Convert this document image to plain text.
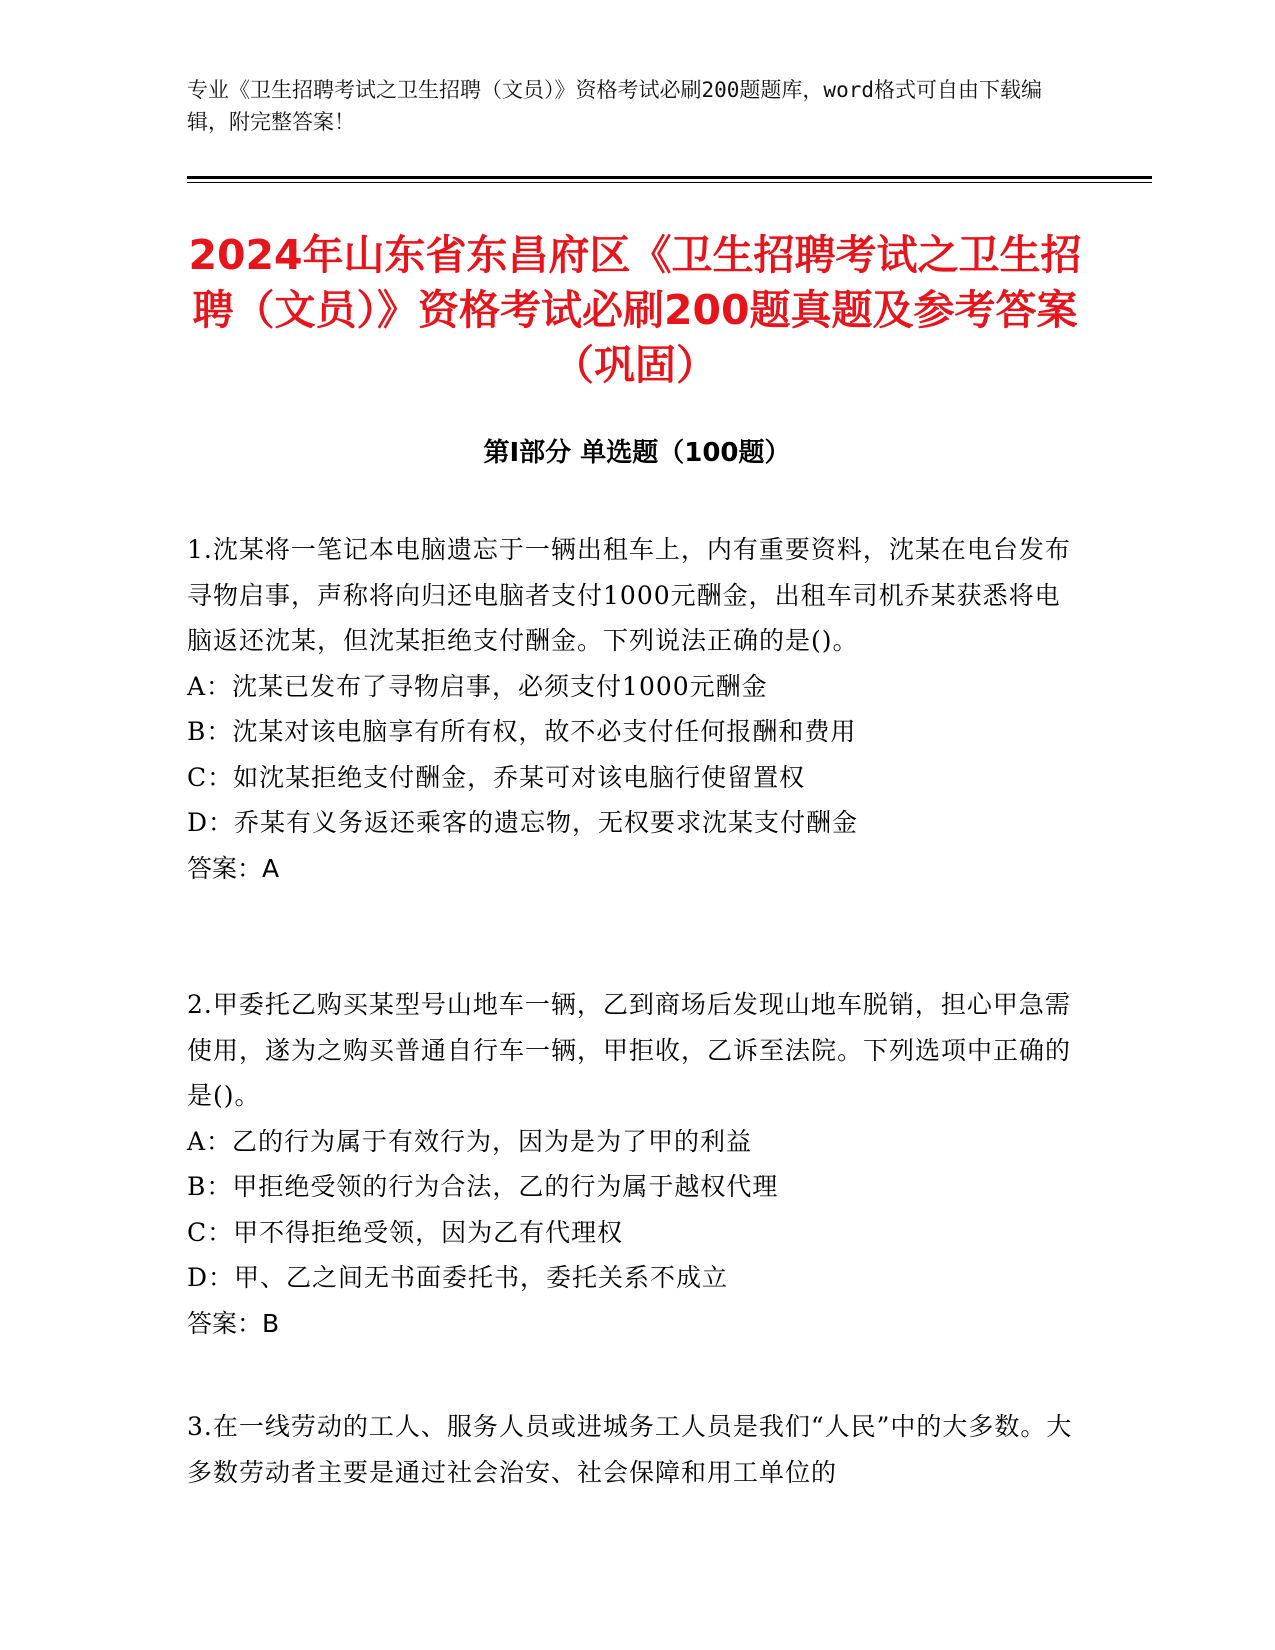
专业《卫生招聘考试之卫生招聘（文员）》资格考试必刷200题题库，word格式可自由下载编辑，附完整答案！
2024年山东省东昌府区《卫生招聘考试之卫生招聘（文员）》资格考试必刷200题真题及参考答案（巩固）
第Ⅰ部分 单选题（100题）

1.沈某将一笔记本电脑遗忘于一辆出租车上，内有重要资料，沈某在电台发布寻物启事，声称将向归还电脑者支付1000元酬金，出租车司机乔某获悉将电脑返还沈某，但沈某拒绝支付酬金。下列说法正确的是()。

A：沈某已发布了寻物启事，必须支付1000元酬金

B：沈某对该电脑享有所有权，故不必支付任何报酬和费用

C：如沈某拒绝支付酬金，乔某可对该电脑行使留置权

D：乔某有义务返还乘客的遗忘物，无权要求沈某支付酬金

答案：A

2.甲委托乙购买某型号山地车一辆，乙到商场后发现山地车脱销，担心甲急需使用，遂为之购买普通自行车一辆，甲拒收，乙诉至法院。下列选项中正确的是()。

A：乙的行为属于有效行为，因为是为了甲的利益

B：甲拒绝受领的行为合法，乙的行为属于越权代理

C：甲不得拒绝受领，因为乙有代理权

D：甲、乙之间无书面委托书，委托关系不成立

答案：B

3.在一线劳动的工人、服务人员或进城务工人员是我们“人民”中的大多数。大多数劳动者主要是通过社会治安、社会保障和用工单位的
